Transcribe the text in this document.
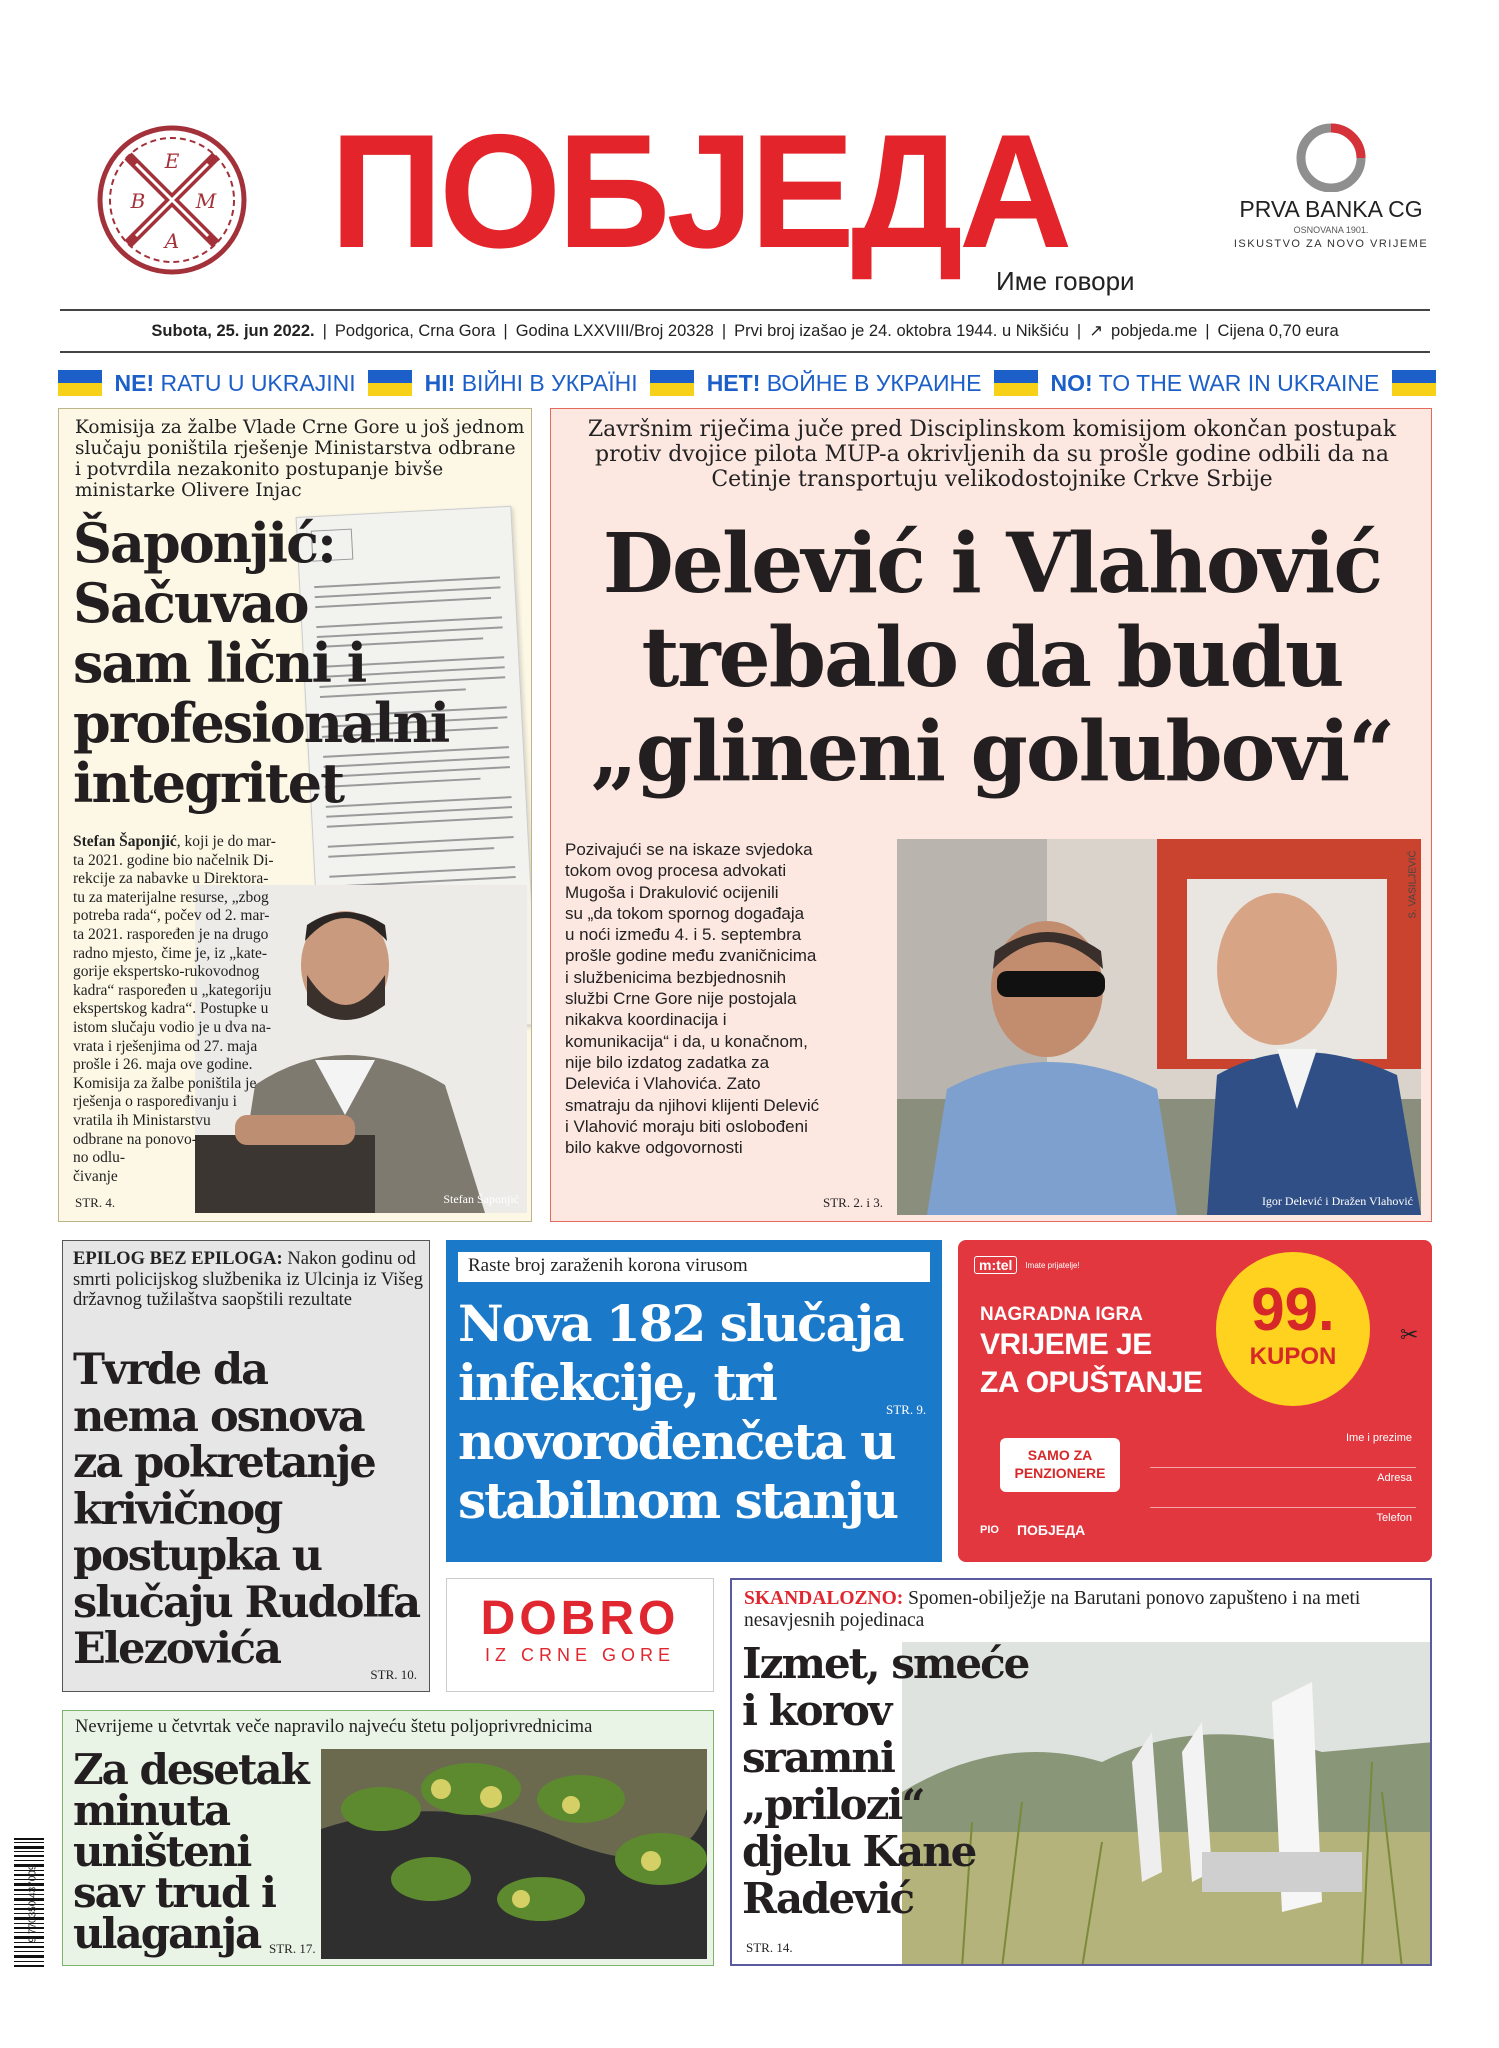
Е
В	М
А ПОБЈЕДА
Име говори
PRVA BANKA CG
OSNOVANA 1901.
ISKUSTVO ZA NOVO VRIJEME
Subota, 25. jun 2022. | Podgorica, Crna Gora | Godina LXXVIII/Broj 20328 | Prvi broj izašao je 24. oktobra 1944. u Nikšiću | ↗ pobjeda.me | Cijena 0,70 eura
NE! RATU U UKRAJINI	НІ! ВІЙНІ В УКРАЇНІ	НЕТ! ВОЙНЕ В УКРАИНЕ	NO! TO THE WAR IN UKRAINE
Komisija za žalbe Vlade Crne Gore u još jednom slučaju poništila rješenje Ministarstva odbrane i potvrdila nezakonito postupanje bivše ministarke Olivere Injac
Šaponjić:
Sačuvao
sam lični i
profesionalni
integritet
Stefan Šaponjić
Stefan Šaponjić, koji je do mar-
ta 2021. godine bio načelnik Di-
rekcije za nabavke u Direktora-
tu za materijalne resurse, „zbog
potreba rada“, počev od 2. mar-
ta 2021. raspoređen je na drugo
radno mjesto, čime je, iz „kate-
gorije ekspertsko-rukovodnog
kadra“ raspoređen u „kategoriju
ekspertskog kadra“. Postupke u
istom slučaju vodio je u dva na-
vrata i rješenjima od 27. maja
prošle i 26. maja ove godine.
Komisija za žalbe poništila je
rješenja o raspoređivanju i
vratila ih Ministarstvu
odbrane na ponovo-
no odlu-
čivanje
STR. 4.
Završnim riječima juče pred Disciplinskom komisijom okončan postupak protiv dvojice pilota MUP-a okrivljenih da su prošle godine odbili da na Cetinje transportuju velikodostojnike Crkve Srbije
Delević i Vlahović
trebalo da budu
„glineni golubovi“
Pozivajući se na iskaze svjedoka
tokom ovog procesa advokati
Mugoša i Drakulović ocijenili
su „da tokom spornog događaja
u noći između 4. i 5. septembra
prošle godine među zvaničnicima
i službenicima bezbjednosnih
službi Crne Gore nije postojala
nikakva koordinacija i
komunikacija“ i da, u konačnom,
nije bilo izdatog zadatka za
Delevića i Vlahovića. Zato
smatraju da njihovi klijenti Delević
i Vlahović moraju biti oslobođeni
bilo kakve odgovornosti
S. VASILJEVIĆ
Igor Delević i Dražen Vlahović
STR. 2. i 3.
EPILOG BEZ EPILOGA: Nakon godinu od smrti policijskog službenika iz Ulcinja iz Višeg državnog tužilaštva saopštili rezultate
Tvrde da
nema osnova
za pokretanje
krivičnog
postupka u
slučaju Rudolfa
Elezovića
STR. 10.
Raste broj zaraženih korona virusom
Nova 182 slučaja
infekcije, tri
novorođenčeta u
stabilnom stanju
STR. 9.
m:tel	Imate prijatelje!
NAGRADNA IGRA
VRIJEME JE
ZA OPUŠTANJE
99.
KUPON
✂
Ime i prezime
Adresa
Telefon
SAMO ZA PENZIONERE
PIO ПОБЈЕДА
DOBRO
IZ CRNE GORE
SKANDALOZNO: Spomen-obilježje na Barutani ponovo zapušteno i na meti nesavjesnih pojedinaca
Izmet, smeće
i korov
sramni
„prilozi“
djelu Kane
Radević
STR. 14.
Nevrijeme u četvrtak veče napravilo najveću štetu poljoprivrednicima
Za desetak
minuta
uništeni
sav trud i
ulaganja STR. 17.
9 770350 437009
